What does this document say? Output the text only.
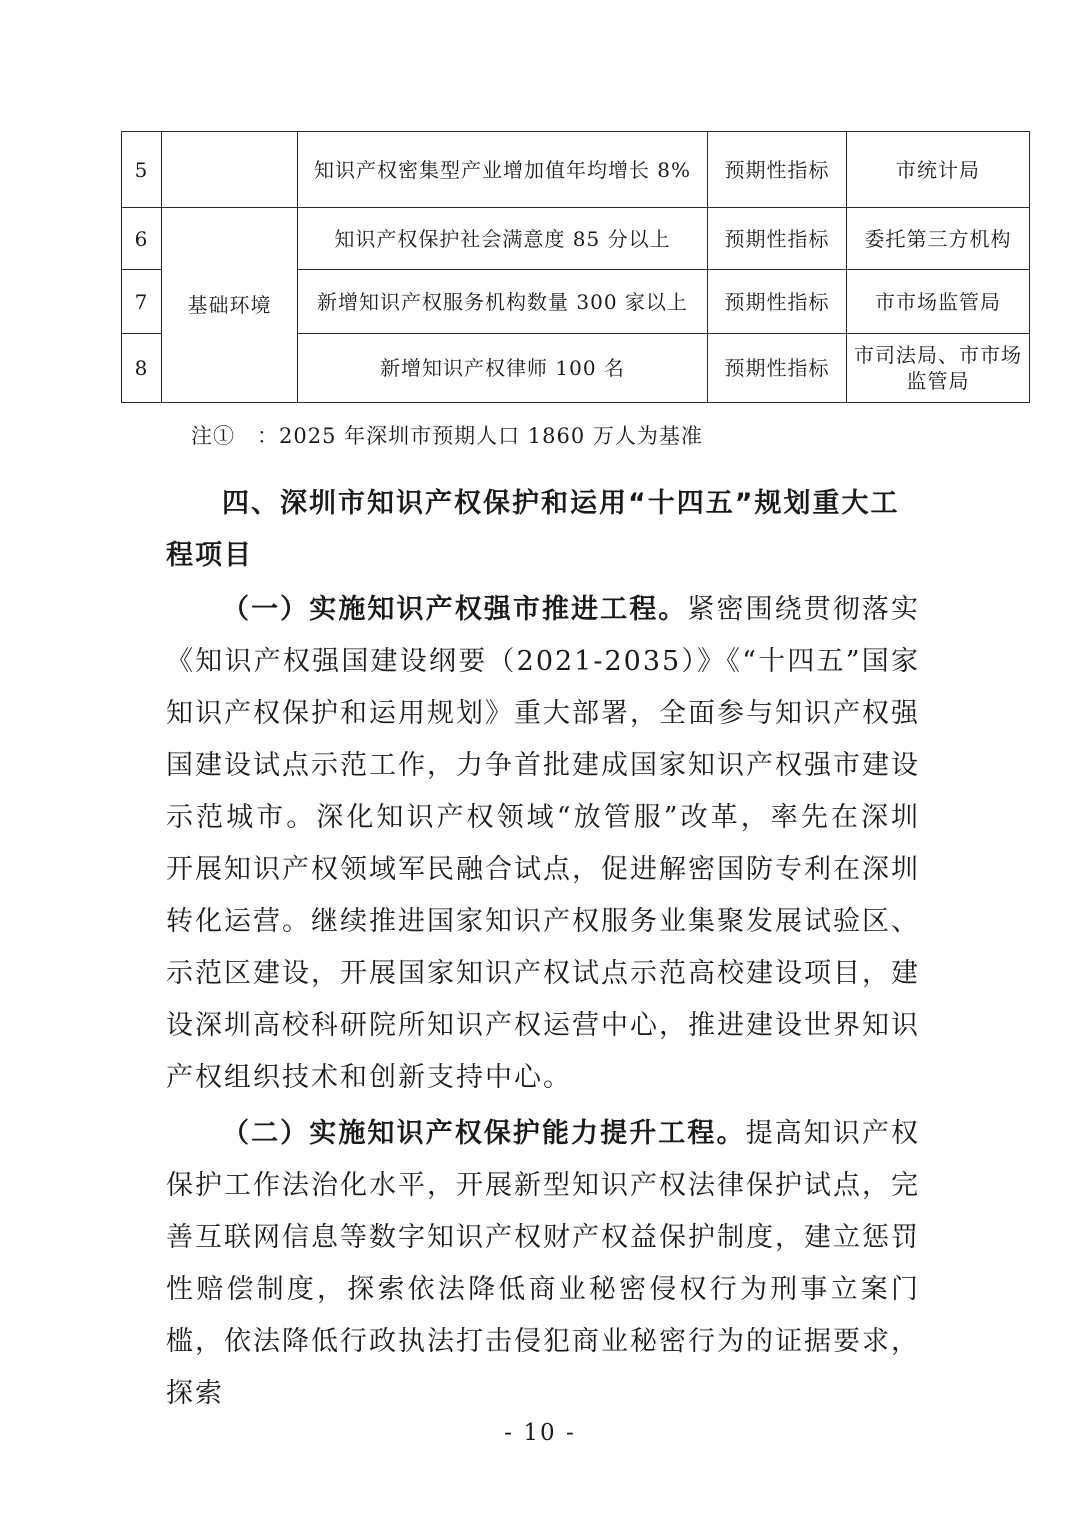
5		知识产权密集型产业增加值年均增长 8%	预期性指标	市统计局
6	基础环境	知识产权保护社会满意度 85 分以上	预期性指标	委托第三方机构
7		新增知识产权服务机构数量 300 家以上	预期性指标	市市场监管局
8		新增知识产权律师 100 名	预期性指标	市司法局、市市场监管局
注① ：2025 年深圳市预期人口 1860 万人为基准
四、深圳市知识产权保护和运用“十四五”规划重大工程项目

（一）实施知识产权强市推进工程。紧密围绕贯彻落实《知识产权强国建设纲要（2021-2035）》《“十四五”国家知识产权保护和运用规划》重大部署，全面参与知识产权强国建设试点示范工作，力争首批建成国家知识产权强市建设示范城市。深化知识产权领域“放管服”改革，率先在深圳开展知识产权领域军民融合试点，促进解密国防专利在深圳转化运营。继续推进国家知识产权服务业集聚发展试验区、示范区建设，开展国家知识产权试点示范高校建设项目，建设深圳高校科研院所知识产权运营中心，推进建设世界知识产权组织技术和创新支持中心。

（二）实施知识产权保护能力提升工程。提高知识产权保护工作法治化水平，开展新型知识产权法律保护试点，完善互联网信息等数字知识产权财产权益保护制度，建立惩罚性赔偿制度，探索依法降低商业秘密侵权行为刑事立案门槛，依法降低行政执法打击侵犯商业秘密行为的证据要求，探索

- 10 -
